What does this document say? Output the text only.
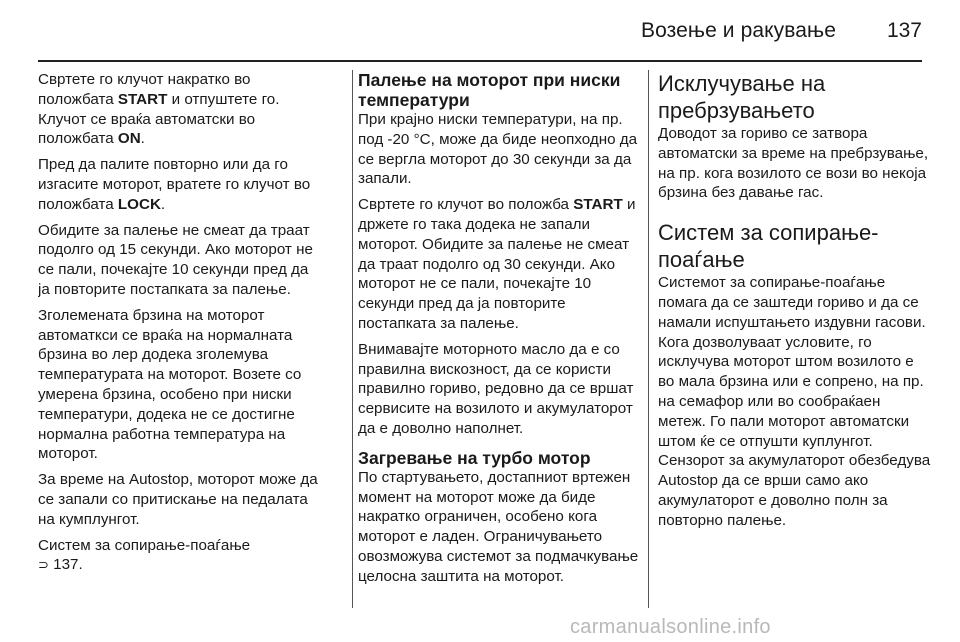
Возење и ракување 137

Свртете го клучот накратко во положбата START и отпуштете го. Клучот се враќа автоматски во положбата ON.

Пред да палите повторно или да го изгасите моторот, вратете го клучот во положбата LOCK.

Обидите за палење не смеат да траат подолго од 15 секунди. Ако моторот не се пали, почекајте 10 секунди пред да ја повторите постапката за палење.

Зголемената брзина на моторот автоматкси се враќа на нормалната брзина во лер додека зголемува температурата на моторот. Возете со умерена брзина, особено при ниски температури, додека не се достигне нормална работна температура на моторот.

За време на Autostop, моторот може да се запали со притискање на педалата на кумплунгот.

Систем за сопирање-поаѓање
⊃ 137.

Палење на моторот при ниски температури

При крајно ниски температури, на пр. под -20 °C, може да биде неопходно да се вергла моторот до 30 секунди за да запали.

Свртете го клучот во положба START и држете го така додека не запали моторот. Обидите за палење не смеат да траат подолго од 30 секунди. Ако моторот не се пали, почекајте 10 секунди пред да ја повторите постапката за палење.

Внимавајте моторното масло да е со правилна вискозност, да се користи правилно гориво, редовно да се вршат сервисите на возилото и акумулаторот да е доволно наполнет.

Загревање на турбо мотор

По стартувањето, достапниот вртежен момент на моторот може да биде накратко ограничен, особено кога моторот е ладен. Ограничувањето овозможува системот за подмачкување целосна заштита на моторот.

Исклучување на пребрзувањето

Доводот за гориво се затвора автоматски за време на пребрзување, на пр. кога возилото се вози во некоја брзина без давање гас.

Систем за сопирање-поаѓање

Системот за сопирање-поаѓање помага да се заштеди гориво и да се намали испуштањето издувни гасови. Кога дозволуваат условите, го исклучува моторот штом возилото е во мала брзина или е сопрено, на пр. на семафор или во сообраќаен метеж. Го пали моторот автоматски штом ќе се отпушти куплунгот. Сензорот за акумулаторот обезбедува Autostop да се врши само ако акумулаторот е доволно полн за повторно палење.

carmanualsonline.info
